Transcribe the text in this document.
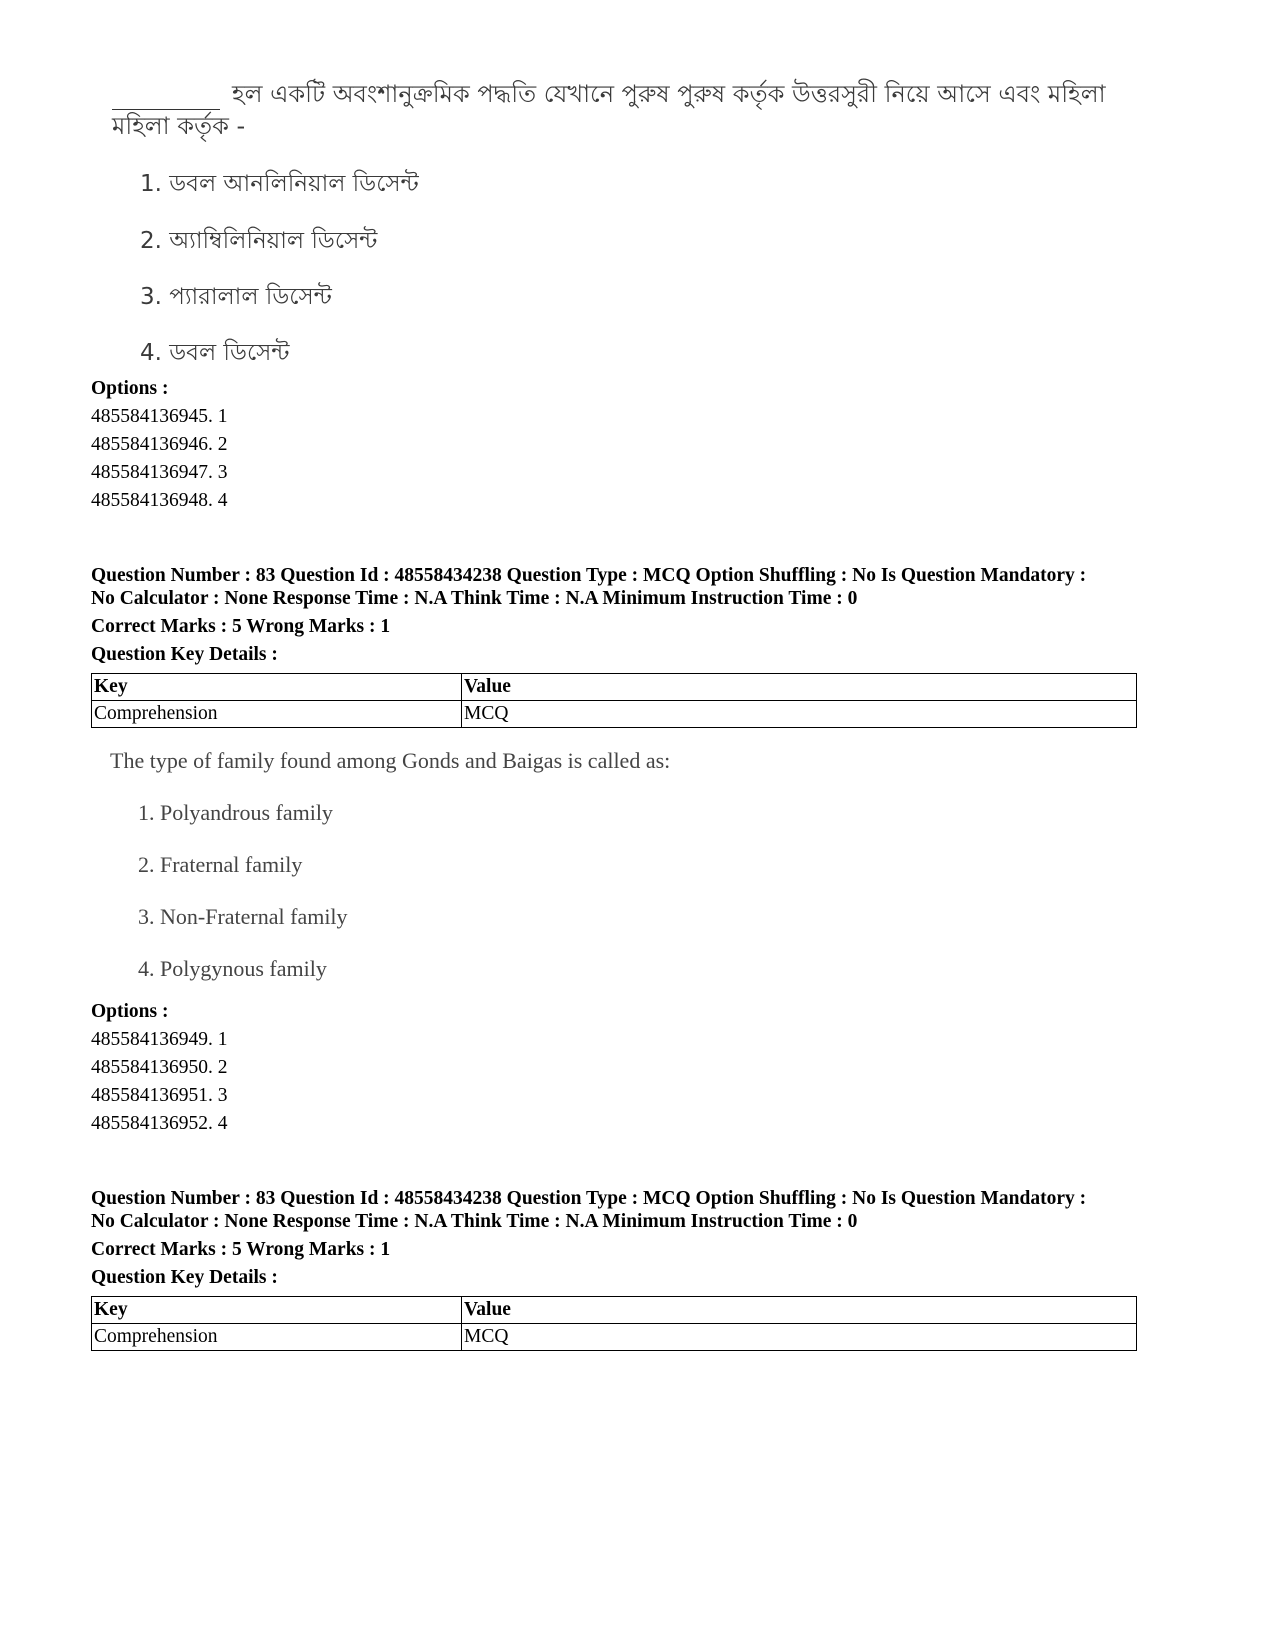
হল একটি অবংশানুক্রমিক পদ্ধতি যেখানে পুরুষ পুরুষ কর্তৃক উত্তরসুরী নিয়ে আসে এবং মহিলা
মহিলা কর্তৃক -
1. ডবল আনলিনিয়াল ডিসেন্ট
2. অ্যাম্বিলিনিয়াল ডিসেন্ট
3. প্যারালাল ডিসেন্ট
4. ডবল ডিসেন্ট
Options :
485584136945. 1
485584136946. 2
485584136947. 3
485584136948. 4
Question Number : 83 Question Id : 48558434238 Question Type : MCQ Option Shuffling : No Is Question Mandatory :
No Calculator : None Response Time : N.A Think Time : N.A Minimum Instruction Time : 0
Correct Marks : 5 Wrong Marks : 1
Question Key Details :
Key	Value
Comprehension	MCQ
The type of family found among Gonds and Baigas is called as:
1. Polyandrous family
2. Fraternal family
3. Non-Fraternal family
4. Polygynous family
Options :
485584136949. 1
485584136950. 2
485584136951. 3
485584136952. 4
Question Number : 83 Question Id : 48558434238 Question Type : MCQ Option Shuffling : No Is Question Mandatory :
No Calculator : None Response Time : N.A Think Time : N.A Minimum Instruction Time : 0
Correct Marks : 5 Wrong Marks : 1
Question Key Details :
Key	Value
Comprehension	MCQ
